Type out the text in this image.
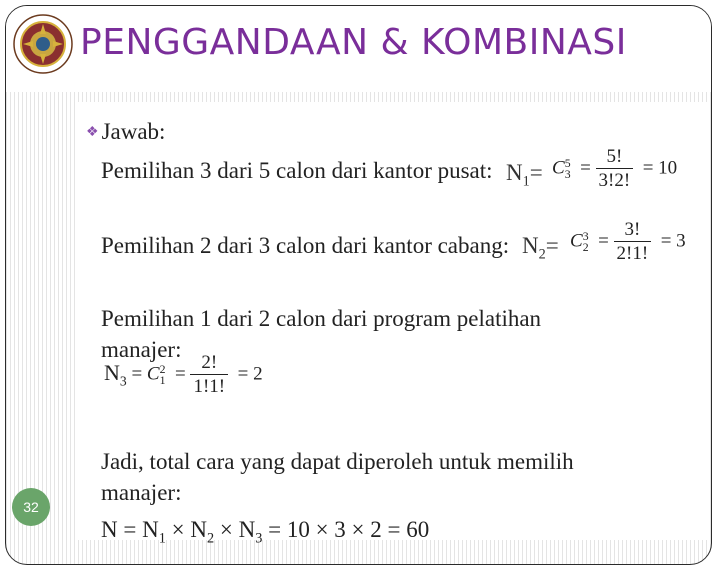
PENGGANDAAN & KOMBINASI
❖ Jawab:
Pemilihan 3 dari 5 calon dari kantor pusat: $N_1= C$ 5
$3 = \frac{5!}{3!2!} = 10$
Pemilihan 2 dari 3 calon dari kantor cabang: $N_2= C$ 3
$2 = \frac{3!}{2!1!} = 3$
Pemilihan 1 dari 2 calon dari program pelatihan
manajer:
$N_3 = C$ 2
$1 = \frac{2!}{1!1!} = 2$
Jadi, total cara yang dapat diperoleh untuk memilih
manajer:
$N = N_1 \times N_2 \times N_3 = 10 \times 3 \times 2 = 60$
32
